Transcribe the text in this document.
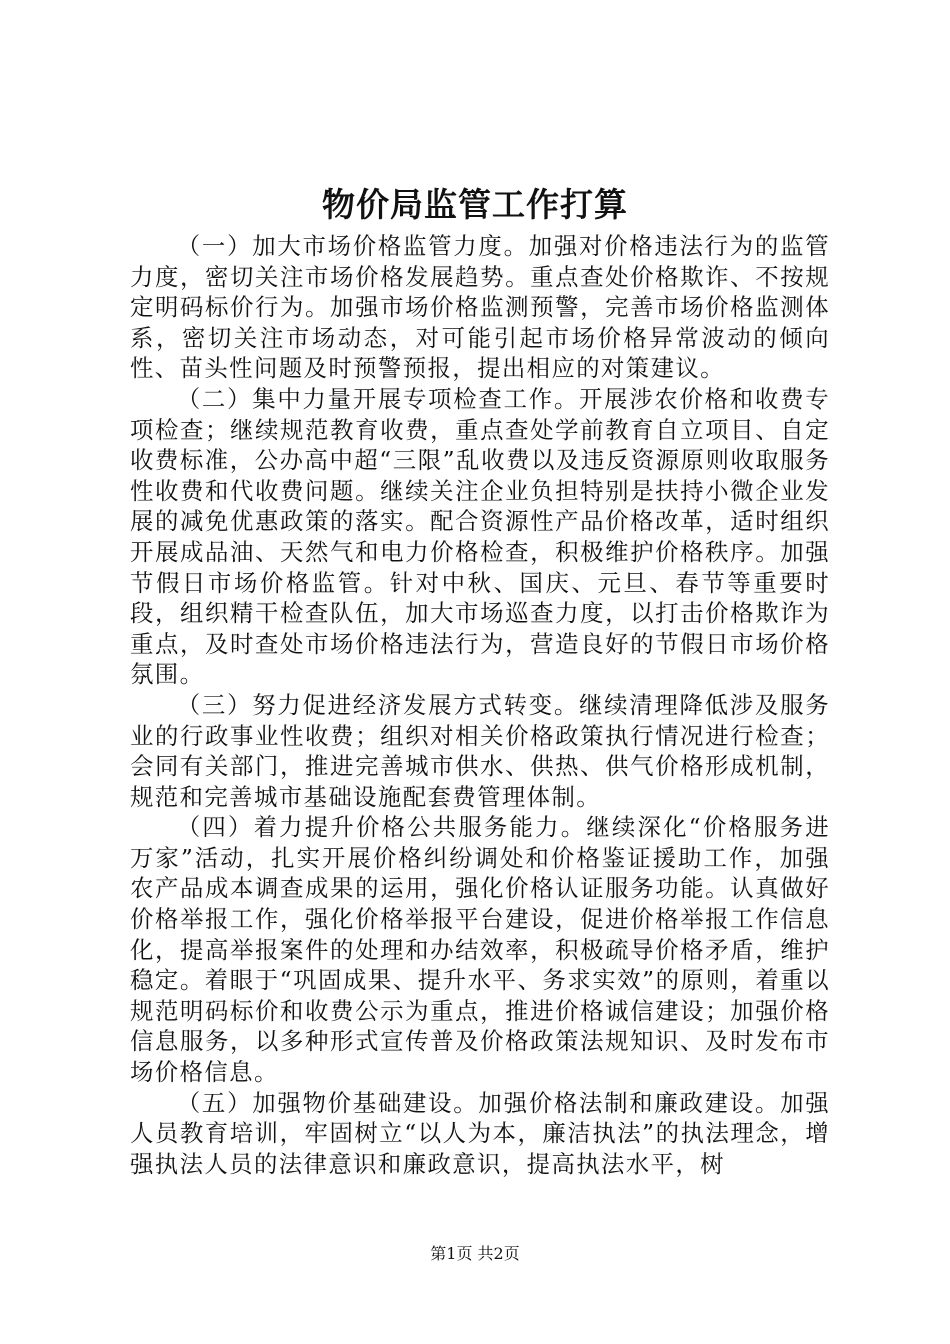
物价局监管工作打算

（一）加大市场价格监管力度。加强对价格违法行为的监管力度，密切关注市场价格发展趋势。重点查处价格欺诈、不按规定明码标价行为。加强市场价格监测预警，完善市场价格监测体系，密切关注市场动态，对可能引起市场价格异常波动的倾向性、苗头性问题及时预警预报，提出相应的对策建议。

（二）集中力量开展专项检查工作。开展涉农价格和收费专项检查；继续规范教育收费，重点查处学前教育自立项目、自定收费标准，公办高中超“三限”乱收费以及违反资源原则收取服务性收费和代收费问题。继续关注企业负担特别是扶持小微企业发展的减免优惠政策的落实。配合资源性产品价格改革，适时组织开展成品油、天然气和电力价格检查，积极维护价格秩序。加强节假日市场价格监管。针对中秋、国庆、元旦、春节等重要时段，组织精干检查队伍，加大市场巡查力度，以打击价格欺诈为重点，及时查处市场价格违法行为，营造良好的节假日市场价格氛围。

（三）努力促进经济发展方式转变。继续清理降低涉及服务业的行政事业性收费；组织对相关价格政策执行情况进行检查；会同有关部门，推进完善城市供水、供热、供气价格形成机制，规范和完善城市基础设施配套费管理体制。

（四）着力提升价格公共服务能力。继续深化“价格服务进万家”活动，扎实开展价格纠纷调处和价格鉴证援助工作，加强农产品成本调查成果的运用，强化价格认证服务功能。认真做好价格举报工作，强化价格举报平台建设，促进价格举报工作信息化，提高举报案件的处理和办结效率，积极疏导价格矛盾，维护稳定。着眼于“巩固成果、提升水平、务求实效”的原则，着重以规范明码标价和收费公示为重点，推进价格诚信建设；加强价格信息服务，以多种形式宣传普及价格政策法规知识、及时发布市场价格信息。

（五）加强物价基础建设。加强价格法制和廉政建设。加强人员教育培训，牢固树立“以人为本，廉洁执法”的执法理念，增强执法人员的法律意识和廉政意识，提高执法水平，树

第1页 共2页
